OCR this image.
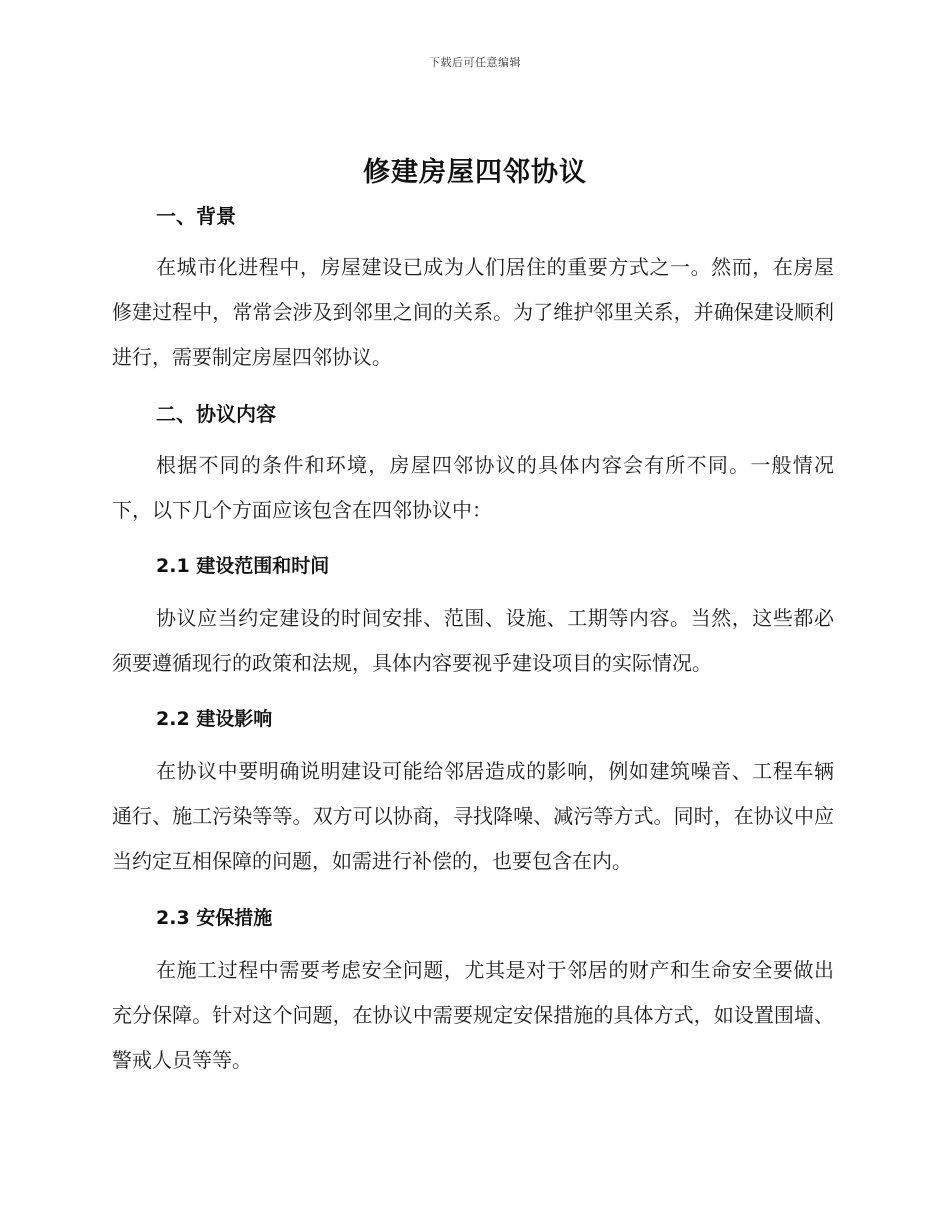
下载后可任意编辑
修建房屋四邻协议
一、背景

在城市化进程中，房屋建设已成为人们居住的重要方式之一。然而，在房屋修建过程中，常常会涉及到邻里之间的关系。为了维护邻里关系，并确保建设顺利进行，需要制定房屋四邻协议。

二、协议内容

根据不同的条件和环境，房屋四邻协议的具体内容会有所不同。一般情况下，以下几个方面应该包含在四邻协议中：

2.1 建设范围和时间

协议应当约定建设的时间安排、范围、设施、工期等内容。当然，这些都必须要遵循现行的政策和法规，具体内容要视乎建设项目的实际情况。

2.2 建设影响

在协议中要明确说明建设可能给邻居造成的影响，例如建筑噪音、工程车辆通行、施工污染等等。双方可以协商，寻找降噪、减污等方式。同时，在协议中应当约定互相保障的问题，如需进行补偿的，也要包含在内。

2.3 安保措施

在施工过程中需要考虑安全问题，尤其是对于邻居的财产和生命安全要做出充分保障。针对这个问题，在协议中需要规定安保措施的具体方式，如设置围墙、警戒人员等等。
